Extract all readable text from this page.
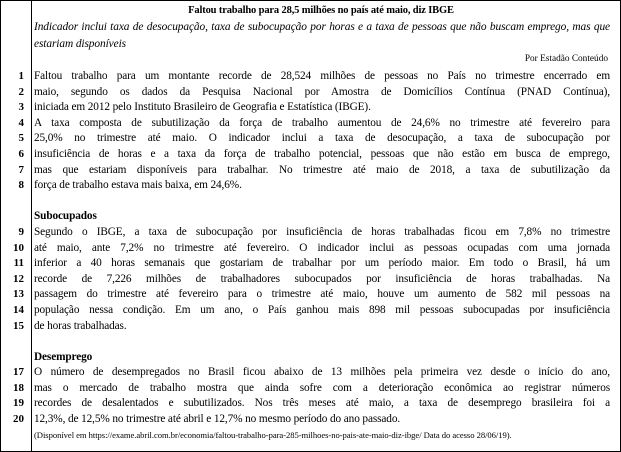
Faltou trabalho para 28,5 milhões no país até maio, diz IBGE
Indicador inclui taxa de desocupação, taxa de subocupação por horas e a taxa de pessoas que não buscam emprego, mas que estariam disponíveis
Por Estadão Conteúdo
1 Faltou trabalho para um montante recorde de 28,524 milhões de pessoas no País no trimestre encerrado em
2 maio, segundo os dados da Pesquisa Nacional por Amostra de Domicílios Contínua (PNAD Contínua),
3 iniciada em 2012 pelo Instituto Brasileiro de Geografia e Estatística (IBGE).
4 A taxa composta de subutilização da força de trabalho aumentou de 24,6% no trimestre até fevereiro para
5 25,0% no trimestre até maio. O indicador inclui a taxa de desocupação, a taxa de subocupação por
6 insuficiência de horas e a taxa da força de trabalho potencial, pessoas que não estão em busca de emprego,
7 mas que estariam disponíveis para trabalhar. No trimestre até maio de 2018, a taxa de subutilização da
8 força de trabalho estava mais baixa, em 24,6%.
Subocupados
9 Segundo o IBGE, a taxa de subocupação por insuficiência de horas trabalhadas ficou em 7,8% no trimestre
10 até maio, ante 7,2% no trimestre até fevereiro. O indicador inclui as pessoas ocupadas com uma jornada
11 inferior a 40 horas semanais que gostariam de trabalhar por um período maior. Em todo o Brasil, há um
12 recorde de 7,226 milhões de trabalhadores subocupados por insuficiência de horas trabalhadas. Na
13 passagem do trimestre até fevereiro para o trimestre até maio, houve um aumento de 582 mil pessoas na
14 população nessa condição. Em um ano, o País ganhou mais 898 mil pessoas subocupadas por insuficiência
15 de horas trabalhadas.
Desemprego
17 O número de desempregados no Brasil ficou abaixo de 13 milhões pela primeira vez desde o início do ano,
18 mas o mercado de trabalho mostra que ainda sofre com a deterioração econômica ao registrar números
19 recordes de desalentados e subutilizados. Nos três meses até maio, a taxa de desemprego brasileira foi a
20 12,3%, de 12,5% no trimestre até abril e 12,7% no mesmo período do ano passado.
(Disponível em https://exame.abril.com.br/economia/faltou-trabalho-para-285-milhoes-no-pais-ate-maio-diz-ibge/ Data do acesso 28/06/19).
